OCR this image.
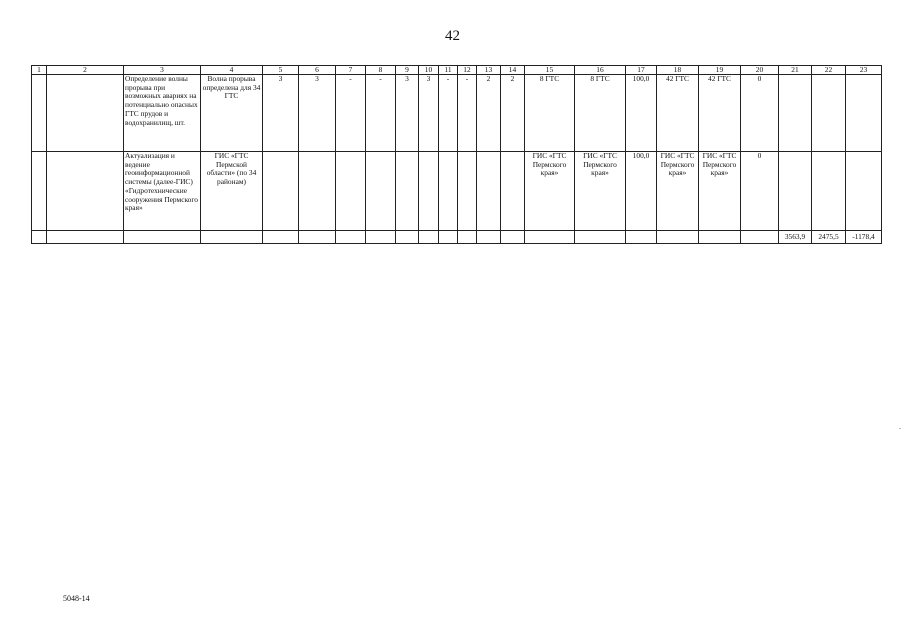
42
1	2	3	4	5	6	7	8	9	10	11	12	13	14	15	16	17	18	19	20	21	22	23
		Определение волны прорыва при возможных авариях на потенциально опасных ГТС прудов и водохранилищ, шт.	Волна прорыва определена для 34 ГТС	3	3	-	-	3	3	-	-	2	2	8 ГТС	8 ГТС	100,0	42 ГТС	42 ГТС	0			
		Актуализация и ведение геоинформационной системы (далее-ГИС) «Гидротехнические сооружения Пермского края»	ГИС «ГТС Пермской области» (по 34 районам)											ГИС «ГТС Пермского края»	ГИС «ГТС Пермского края»	100,0	ГИС «ГТС Пермского края»	ГИС «ГТС Пермского края»	0			
																				3563,9	2475,5	-1178,4
5048-14
